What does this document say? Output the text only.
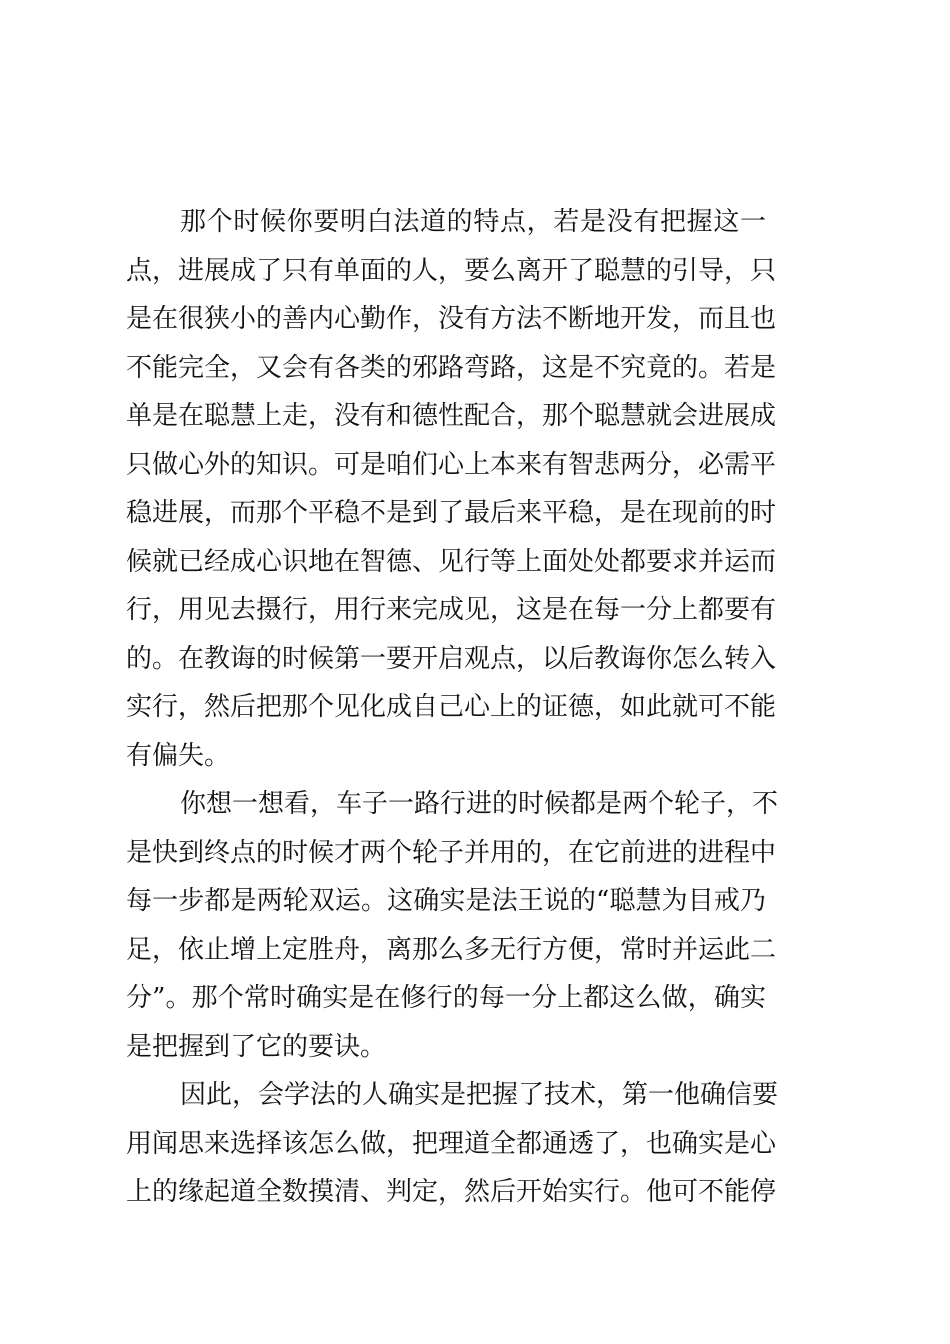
那个时候你要明白法道的特点，若是没有把握这一
点，进展成了只有单面的人，要么离开了聪慧的引导，只
是在很狭小的善内心勤作，没有方法不断地开发，而且也
不能完全，又会有各类的邪路弯路，这是不究竟的。若是
单是在聪慧上走，没有和德性配合，那个聪慧就会进展成
只做心外的知识。可是咱们心上本来有智悲两分，必需平
稳进展，而那个平稳不是到了最后来平稳，是在现前的时
候就已经成心识地在智德、见行等上面处处都要求并运而
行，用见去摄行，用行来完成见，这是在每一分上都要有
的。在教诲的时候第一要开启观点，以后教诲你怎么转入
实行，然后把那个见化成自己心上的证德，如此就可不能
有偏失。
你想一想看，车子一路行进的时候都是两个轮子，不
是快到终点的时候才两个轮子并用的，在它前进的进程中
每一步都是两轮双运。这确实是法王说的“聪慧为目戒乃
足，依止增上定胜舟，离那么多无行方便，常时并运此二
分”。那个常时确实是在修行的每一分上都这么做，确实
是把握到了它的要诀。
因此，会学法的人确实是把握了技术，第一他确信要
用闻思来选择该怎么做，把理道全都通透了，也确实是心
上的缘起道全数摸清、判定，然后开始实行。他可不能停
